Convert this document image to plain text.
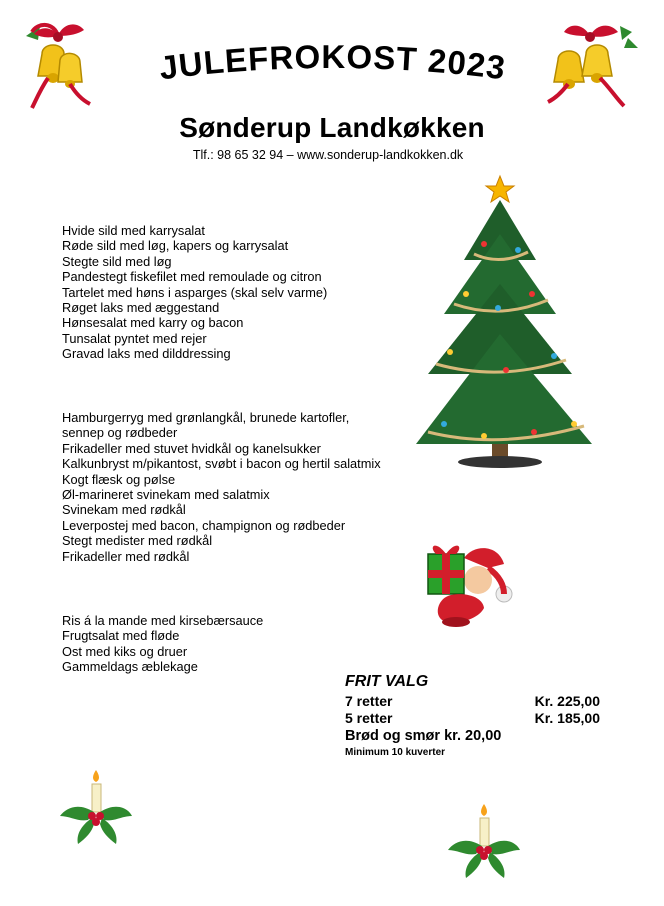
JULEFROKOST 2023
Sønderup Landkøkken
Tlf.: 98 65 32 94 – www.sonderup-landkokken.dk
Hvide sild med karrysalat
Røde sild med løg, kapers og karrysalat
Stegte sild med løg
Pandestegt fiskefilet med remoulade og citron
Tartelet med høns i asparges (skal selv varme)
Røget laks med æggestand
Hønsesalat med karry og bacon
Tunsalat pyntet med rejer
Gravad laks med dilddressing
Hamburgerryg med grønlangkål, brunede kartofler, sennep og rødbeder
Frikadeller med stuvet hvidkål og kanelsukker
Kalkunbryst m/pikantost, svøbt i bacon og hertil salatmix
Kogt flæsk og pølse
Øl-marineret svinekam med salatmix
Svinekam med rødkål
Leverpostej med bacon, champignon og rødbeder
Stegt medister med rødkål
Frikadeller med rødkål
Ris á la mande med kirsebærsauce
Frugtsalat med fløde
Ost med kiks og druer
Gammeldags æblekage
FRIT VALG
7 retter	Kr. 225,00
5 retter	Kr. 185,00
Brød og smør kr. 20,00
Minimum 10 kuverter
